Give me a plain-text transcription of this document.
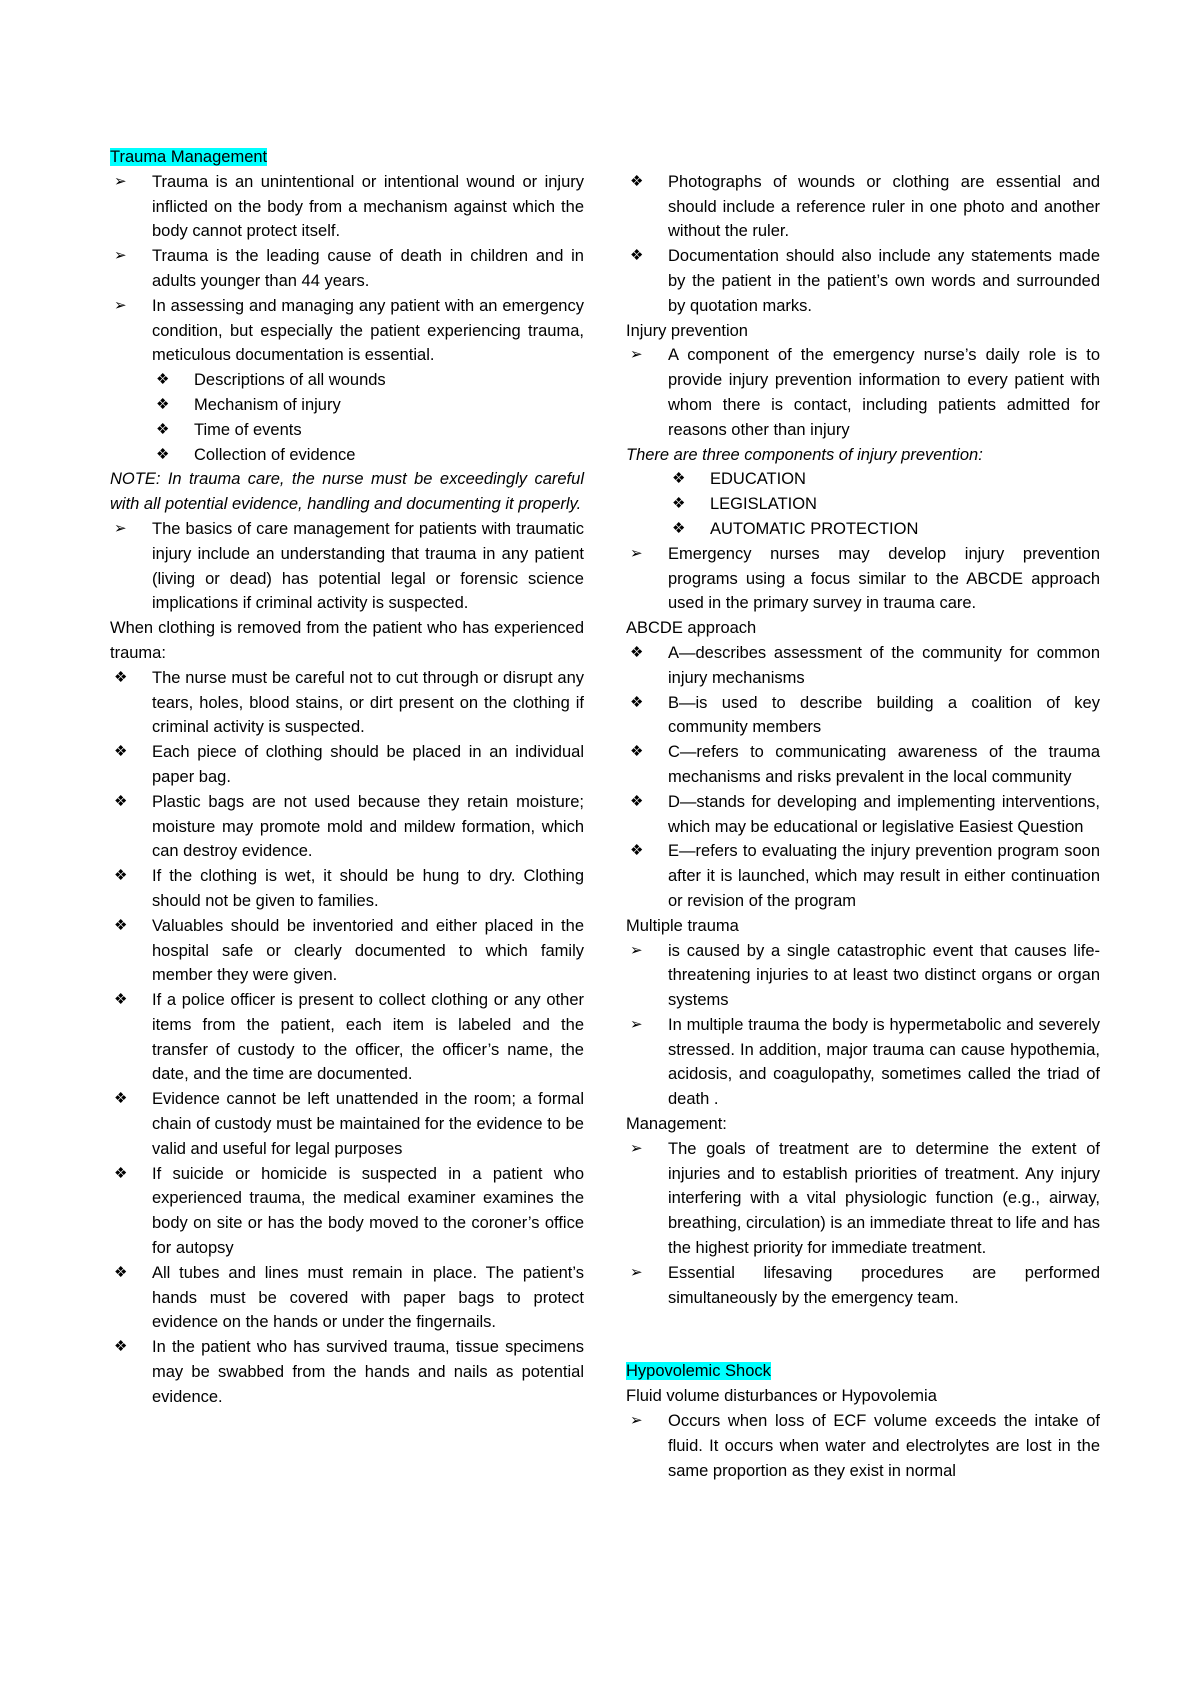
Trauma Management
➢ Trauma is an unintentional or intentional wound or injury inflicted on the body from a mechanism against which the body cannot protect itself.
➢ Trauma is the leading cause of death in children and in adults younger than 44 years.
➢ In assessing and managing any patient with an emergency condition, but especially the patient experiencing trauma, meticulous documentation is essential.
❖ Descriptions of all wounds
❖ Mechanism of injury
❖ Time of events
❖ Collection of evidence
NOTE: In trauma care, the nurse must be exceedingly careful with all potential evidence, handling and documenting it properly.
➢ The basics of care management for patients with traumatic injury include an understanding that trauma in any patient (living or dead) has potential legal or forensic science implications if criminal activity is suspected.
When clothing is removed from the patient who has experienced trauma:
❖ The nurse must be careful not to cut through or disrupt any tears, holes, blood stains, or dirt present on the clothing if criminal activity is suspected.
❖ Each piece of clothing should be placed in an individual paper bag.
❖ Plastic bags are not used because they retain moisture; moisture may promote mold and mildew formation, which can destroy evidence.
❖ If the clothing is wet, it should be hung to dry. Clothing should not be given to families.
❖ Valuables should be inventoried and either placed in the hospital safe or clearly documented to which family member they were given.
❖ If a police officer is present to collect clothing or any other items from the patient, each item is labeled and the transfer of custody to the officer, the officer’s name, the date, and the time are documented.
❖ Evidence cannot be left unattended in the room; a formal chain of custody must be maintained for the evidence to be valid and useful for legal purposes
❖ If suicide or homicide is suspected in a patient who experienced trauma, the medical examiner examines the body on site or has the body moved to the coroner’s office for autopsy
❖ All tubes and lines must remain in place. The patient’s hands must be covered with paper bags to protect evidence on the hands or under the fingernails.
❖ In the patient who has survived trauma, tissue specimens may be swabbed from the hands and nails as potential evidence.
❖ Photographs of wounds or clothing are essential and should include a reference ruler in one photo and another without the ruler.
❖ Documentation should also include any statements made by the patient in the patient’s own words and surrounded by quotation marks.
Injury prevention
➢ A component of the emergency nurse’s daily role is to provide injury prevention information to every patient with whom there is contact, including patients admitted for reasons other than injury
There are three components of injury prevention:
❖ EDUCATION
❖ LEGISLATION
❖ AUTOMATIC PROTECTION
➢ Emergency nurses may develop injury prevention programs using a focus similar to the ABCDE approach used in the primary survey in trauma care.
ABCDE approach
❖ A—describes assessment of the community for common injury mechanisms
❖ B—is used to describe building a coalition of key community members
❖ C—refers to communicating awareness of the trauma mechanisms and risks prevalent in the local community
❖ D—stands for developing and implementing interventions, which may be educational or legislative Easiest Question
❖ E—refers to evaluating the injury prevention program soon after it is launched, which may result in either continuation or revision of the program
Multiple trauma
➢ is caused by a single catastrophic event that causes life-threatening injuries to at least two distinct organs or organ systems
➢ In multiple trauma the body is hypermetabolic and severely stressed. In addition, major trauma can cause hypothemia, acidosis, and coagulopathy, sometimes called the triad of death .
Management:
➢ The goals of treatment are to determine the extent of injuries and to establish priorities of treatment. Any injury interfering with a vital physiologic function (e.g., airway, breathing, circulation) is an immediate threat to life and has the highest priority for immediate treatment.
➢ Essential lifesaving procedures are performed simultaneously by the emergency team.
Hypovolemic Shock
Fluid volume disturbances or Hypovolemia
➢ Occurs when loss of ECF volume exceeds the intake of fluid. It occurs when water and electrolytes are lost in the same proportion as they exist in normal
